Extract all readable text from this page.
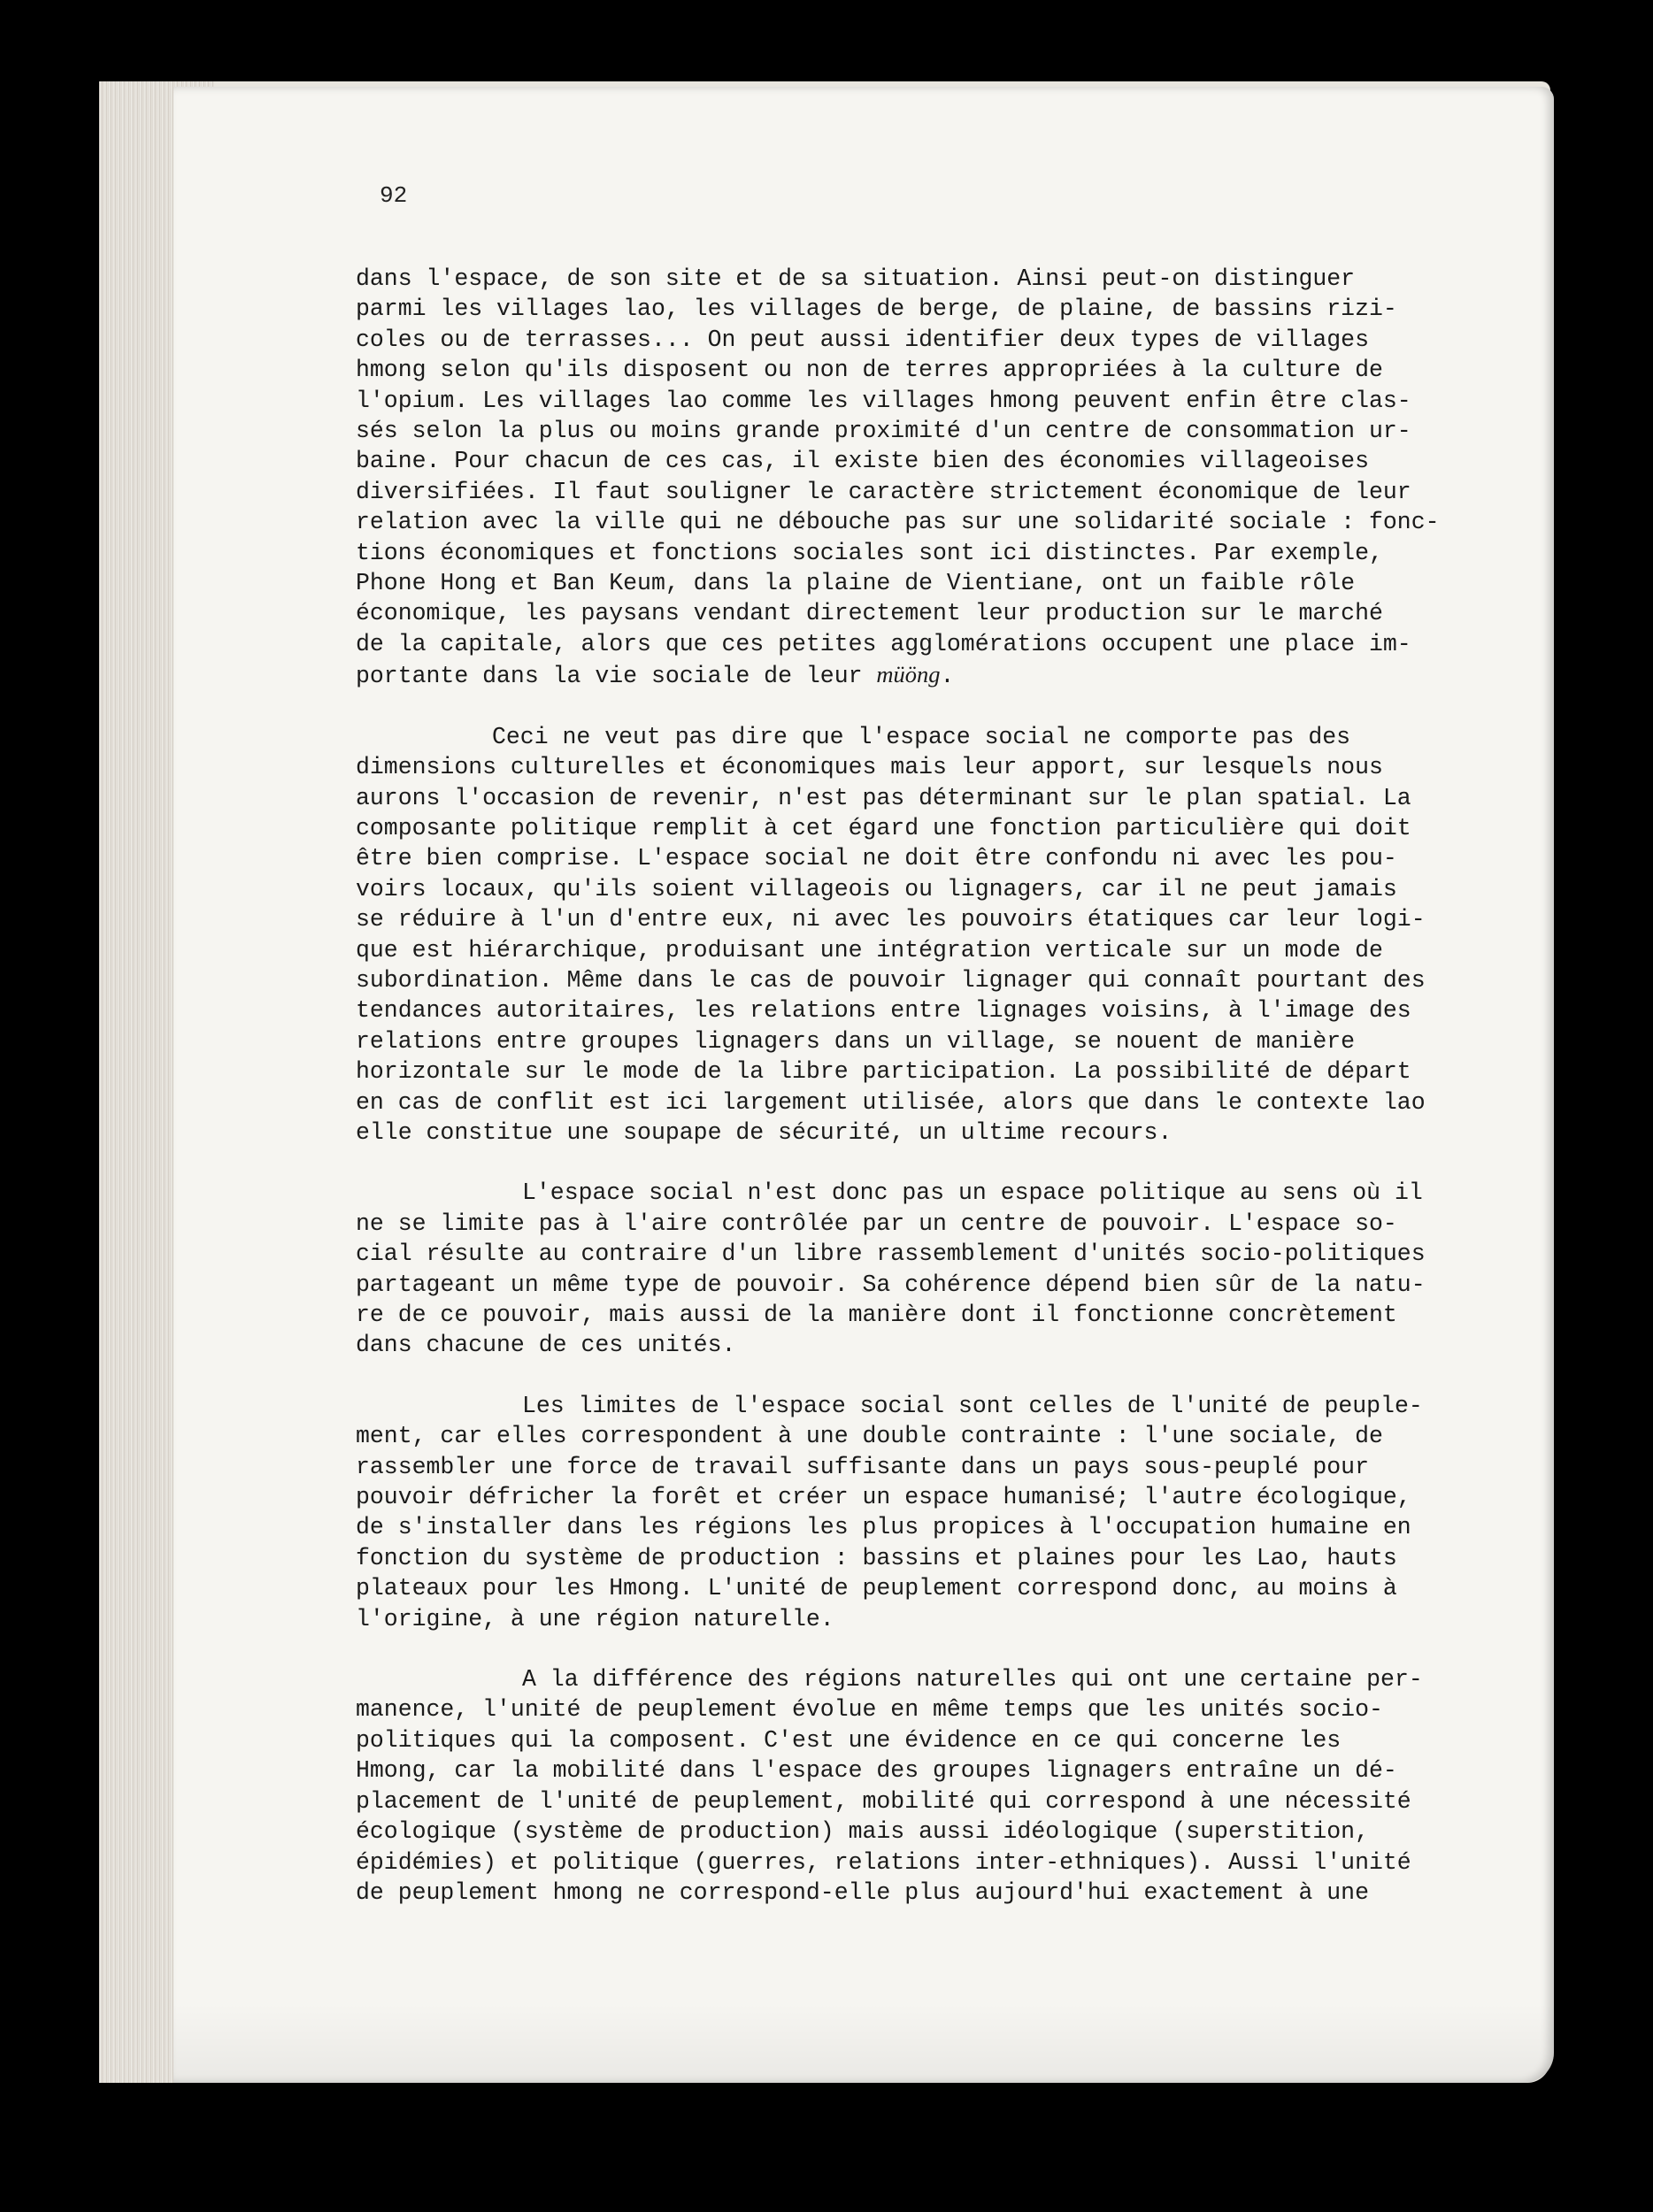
92

dans l'espace, de son site et de sa situation. Ainsi peut-on distinguer
parmi les villages lao, les villages de berge, de plaine, de bassins rizi-
coles ou de terrasses... On peut aussi identifier deux types de villages
hmong selon qu'ils disposent ou non de terres appropriées à la culture de
l'opium. Les villages lao comme les villages hmong peuvent enfin être clas-
sés selon la plus ou moins grande proximité d'un centre de consommation ur-
baine. Pour chacun de ces cas, il existe bien des économies villageoises
diversifiées. Il faut souligner le caractère strictement économique de leur
relation avec la ville qui ne débouche pas sur une solidarité sociale : fonc-
tions économiques et fonctions sociales sont ici distinctes. Par exemple,
Phone Hong et Ban Keum, dans la plaine de Vientiane, ont un faible rôle
économique, les paysans vendant directement leur production sur le marché
de la capitale, alors que ces petites agglomérations occupent une place im-
portante dans la vie sociale de leur müöng.

Ceci ne veut pas dire que l'espace social ne comporte pas des
dimensions culturelles et économiques mais leur apport, sur lesquels nous
aurons l'occasion de revenir, n'est pas déterminant sur le plan spatial. La
composante politique remplit à cet égard une fonction particulière qui doit
être bien comprise. L'espace social ne doit être confondu ni avec les pou-
voirs locaux, qu'ils soient villageois ou lignagers, car il ne peut jamais
se réduire à l'un d'entre eux, ni avec les pouvoirs étatiques car leur logi-
que est hiérarchique, produisant une intégration verticale sur un mode de
subordination. Même dans le cas de pouvoir lignager qui connaît pourtant des
tendances autoritaires, les relations entre lignages voisins, à l'image des
relations entre groupes lignagers dans un village, se nouent de manière
horizontale sur le mode de la libre participation. La possibilité de départ
en cas de conflit est ici largement utilisée, alors que dans le contexte lao
elle constitue une soupape de sécurité, un ultime recours.

L'espace social n'est donc pas un espace politique au sens où il
ne se limite pas à l'aire contrôlée par un centre de pouvoir. L'espace so-
cial résulte au contraire d'un libre rassemblement d'unités socio-politiques
partageant un même type de pouvoir. Sa cohérence dépend bien sûr de la natu-
re de ce pouvoir, mais aussi de la manière dont il fonctionne concrètement
dans chacune de ces unités.

Les limites de l'espace social sont celles de l'unité de peuple-
ment, car elles correspondent à une double contrainte : l'une sociale, de
rassembler une force de travail suffisante dans un pays sous-peuplé pour
pouvoir défricher la forêt et créer un espace humanisé; l'autre écologique,
de s'installer dans les régions les plus propices à l'occupation humaine en
fonction du système de production : bassins et plaines pour les Lao, hauts
plateaux pour les Hmong. L'unité de peuplement correspond donc, au moins à
l'origine, à une région naturelle.

A la différence des régions naturelles qui ont une certaine per-
manence, l'unité de peuplement évolue en même temps que les unités socio-
politiques qui la composent. C'est une évidence en ce qui concerne les
Hmong, car la mobilité dans l'espace des groupes lignagers entraîne un dé-
placement de l'unité de peuplement, mobilité qui correspond à une nécessité
écologique (système de production) mais aussi idéologique (superstition,
épidémies) et politique (guerres, relations inter-ethniques). Aussi l'unité
de peuplement hmong ne correspond-elle plus aujourd'hui exactement à une
